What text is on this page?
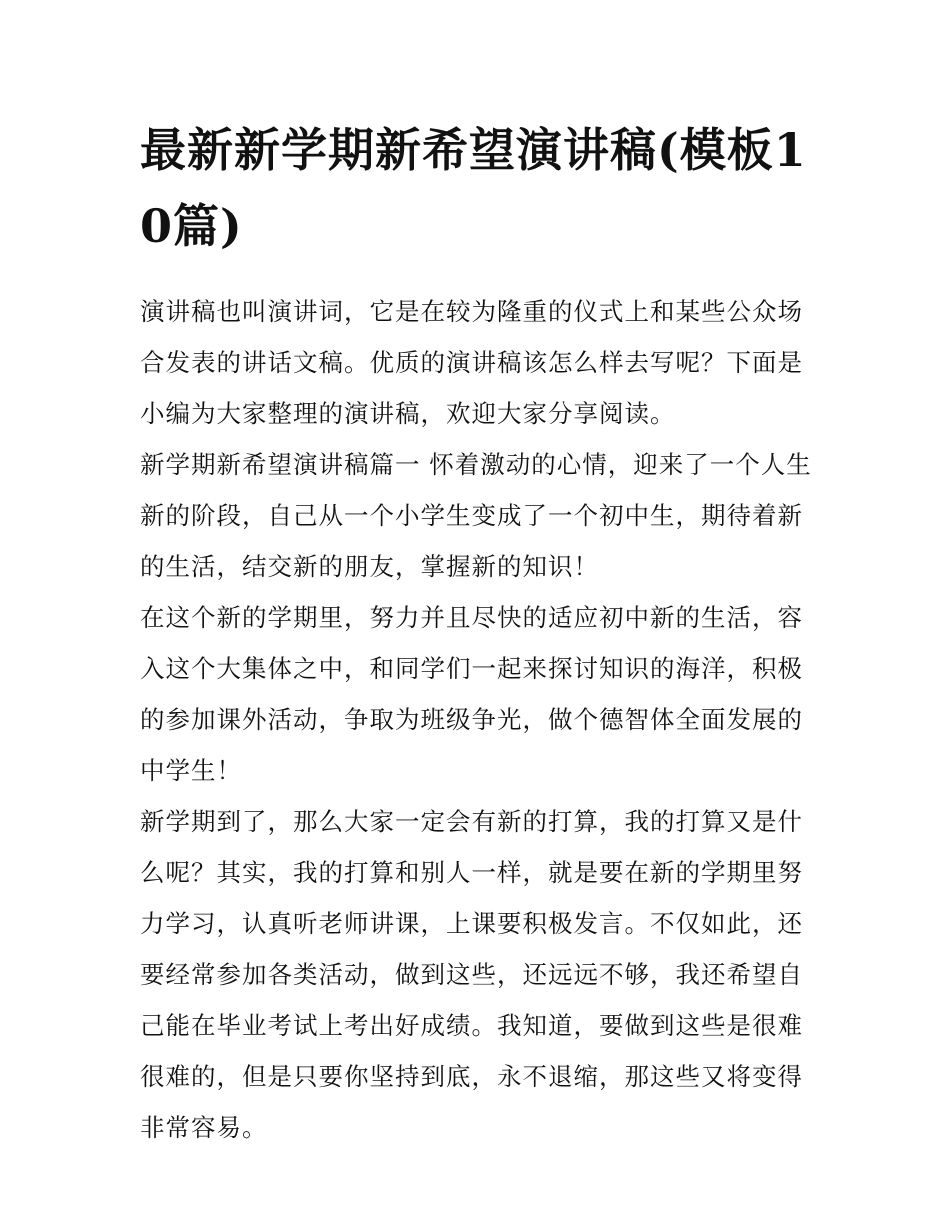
最新新学期新希望演讲稿(模板10篇)

演讲稿也叫演讲词，它是在较为隆重的仪式上和某些公众场合发表的讲话文稿。优质的演讲稿该怎么样去写呢？下面是小编为大家整理的演讲稿，欢迎大家分享阅读。

新学期新希望演讲稿篇一 怀着激动的心情，迎来了一个人生新的阶段，自己从一个小学生变成了一个初中生，期待着新的生活，结交新的朋友，掌握新的知识！

在这个新的学期里，努力并且尽快的适应初中新的生活，容入这个大集体之中，和同学们一起来探讨知识的海洋，积极的参加课外活动，争取为班级争光，做个德智体全面发展的中学生！

新学期到了，那么大家一定会有新的打算，我的打算又是什么呢？其实，我的打算和别人一样，就是要在新的学期里努力学习，认真听老师讲课，上课要积极发言。不仅如此，还要经常参加各类活动，做到这些，还远远不够，我还希望自己能在毕业考试上考出好成绩。我知道，要做到这些是很难很难的，但是只要你坚持到底，永不退缩，那这些又将变得非常容易。
